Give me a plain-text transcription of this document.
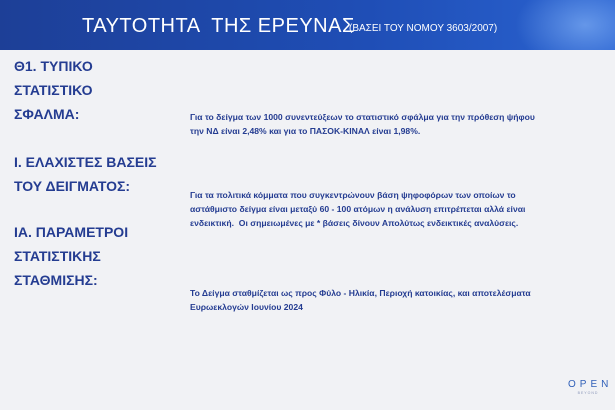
ΤΑΥΤΟΤΗΤΑ  ΤΗΣ ΕΡΕΥΝΑΣ
(ΒΑΣΕΙ ΤΟΥ ΝΟΜΟΥ 3603/2007)
Θ1. ΤΥΠΙΚΟ
ΣΤΑΤΙΣΤΙΚΟ
ΣΦΑΛΜΑ:	Για το δείγμα των 1000 συνεντεύξεων το στατιστικό σφάλμα για την πρόθεση ψήφου
την ΝΔ είναι 2,48% και για το ΠΑΣΟΚ-ΚΙΝΑΛ είναι 1,98%.
Ι. ΕΛΑΧΙΣΤΕΣ ΒΑΣΕΙΣ
ΤΟΥ ΔΕΙΓΜΑΤΟΣ:
Για τα πολιτικά κόμματα που συγκεντρώνουν βάση ψηφοφόρων των οποίων το
αστάθμιστο δείγμα είναι μεταξύ 60 - 100 ατόμων η ανάλυση επιτρέπεται αλλά είναι
ενδεικτική.  Οι σημειωμένες με * βάσεις δίνουν Απολύτως ενδεικτικές αναλύσεις.
ΙΑ. ΠΑΡΑΜΕΤΡΟΙ
ΣΤΑΤΙΣΤΙΚΗΣ
ΣΤΑΘΜΙΣΗΣ:
Το Δείγμα σταθμίζεται ως προς Φύλο - Ηλικία, Περιοχή κατοικίας, και αποτελέσματα
Ευρωεκλογών Ιουνίου 2024
OPEN
BEYOND
